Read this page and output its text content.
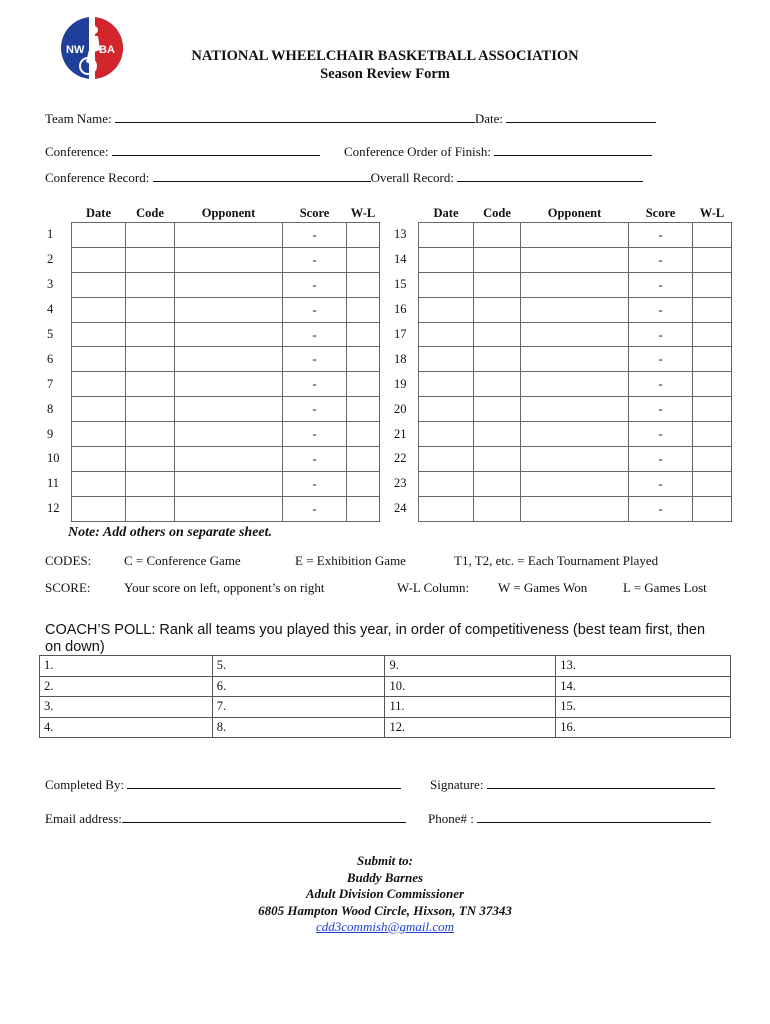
NW BA	NATIONAL WHEELCHAIR BASKETBALL ASSOCIATION
Season Review Form
Team Name:	Date:
Conference:	Conference Order of Finish:
Conference Record:	Overall Record:
	Date	Code	Opponent	Score	W-L
1				-	
2				-	
3				-	
4				-	
5				-	
6				-	
7				-	
8				-	
9				-	
10				-	
11				-	
12				-	
	Date	Code	Opponent	Score	W-L
13				-	
14				-	
15				-	
16				-	
17				-	
18				-	
19				-	
20				-	
21				-	
22				-	
23				-	
24				-	
Note: Add others on separate sheet.
CODES:	C = Conference Game	E = Exhibition Game	T1, T2, etc. = Each Tournament Played
SCORE:	Your score on left, opponent’s on right	W-L Column: W = Games Won	L = Games Lost
COACH’S POLL: Rank all teams you played this year, in order of competitiveness (best team first, then on down)
1.	5.	9.	13.
2.	6.	10.	14.
3.	7.	11.	15.
4.	8.	12.	16.
Completed By:	Signature:
Email address:	Phone# :
Submit to:
Buddy Barnes
Adult Division Commissioner
6805 Hampton Wood Circle, Hixson, TN 37343
cdd3commish@gmail.com
